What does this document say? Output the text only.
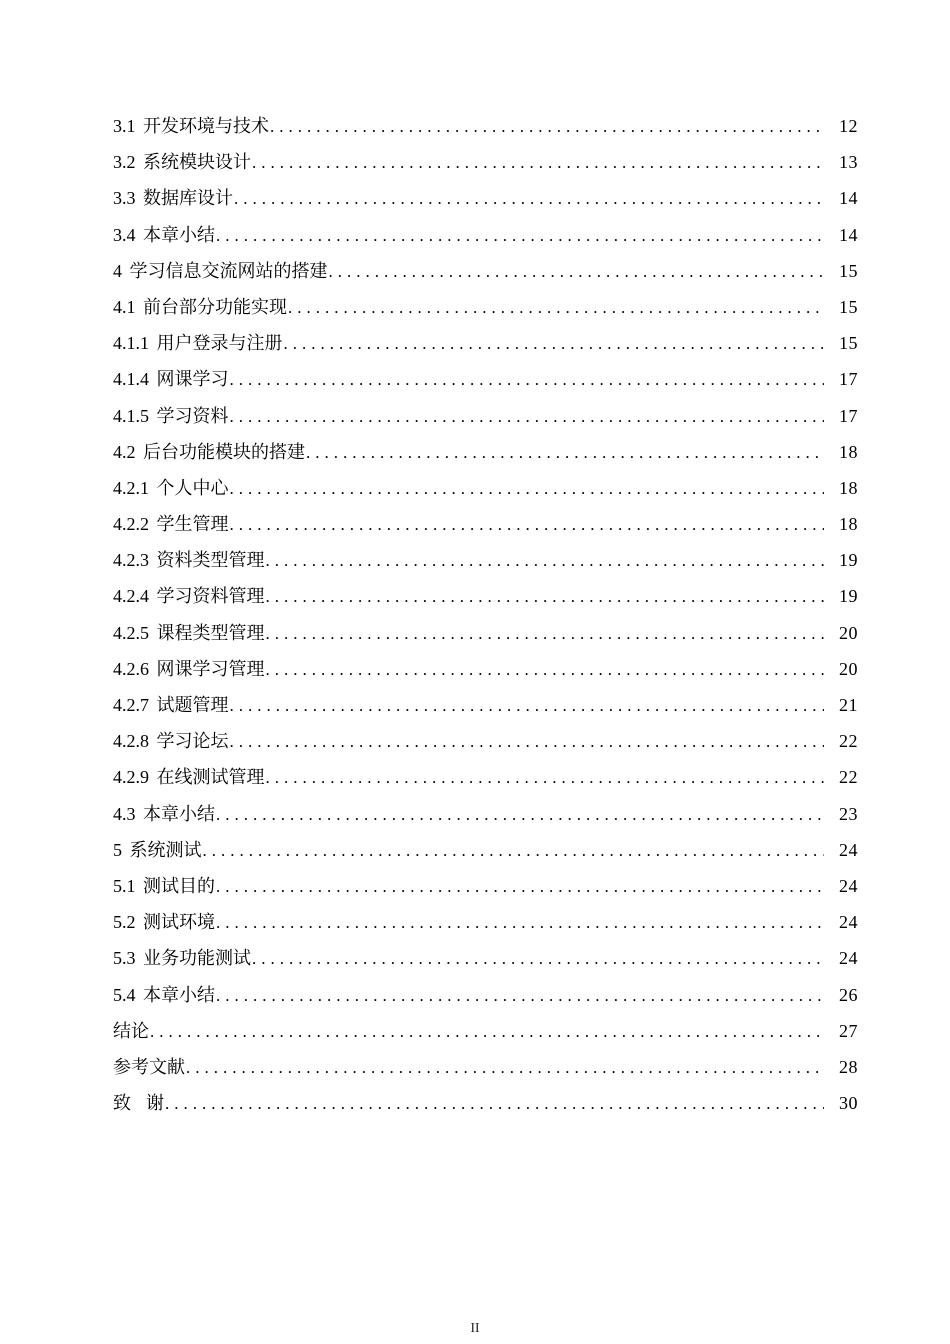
3.1 开发环境与技术 .....	12
3.2 系统模块设计 .....	13
3.3 数据库设计 .....	14
3.4 本章小结 .....	14
4 学习信息交流网站的搭建 .....	15
4.1 前台部分功能实现 .....	15
4.1.1 用户登录与注册 .....	15
4.1.4 网课学习 .....	17
4.1.5 学习资料 .....	17
4.2 后台功能模块的搭建 .....	18
4.2.1 个人中心 .....	18
4.2.2 学生管理 .....	18
4.2.3 资料类型管理 .....	19
4.2.4 学习资料管理 .....	19
4.2.5 课程类型管理 .....	20
4.2.6 网课学习管理 .....	20
4.2.7 试题管理 .....	21
4.2.8 学习论坛 .....	22
4.2.9 在线测试管理 .....	22
4.3 本章小结 .....	23
5 系统测试 .....	24
5.1 测试目的 .....	24
5.2 测试环境 .....	24
5.3 业务功能测试 .....	24
5.4 本章小结 .....	26
结论 .....	27
参考文献 .....	28
致  谢 .....	30
II
